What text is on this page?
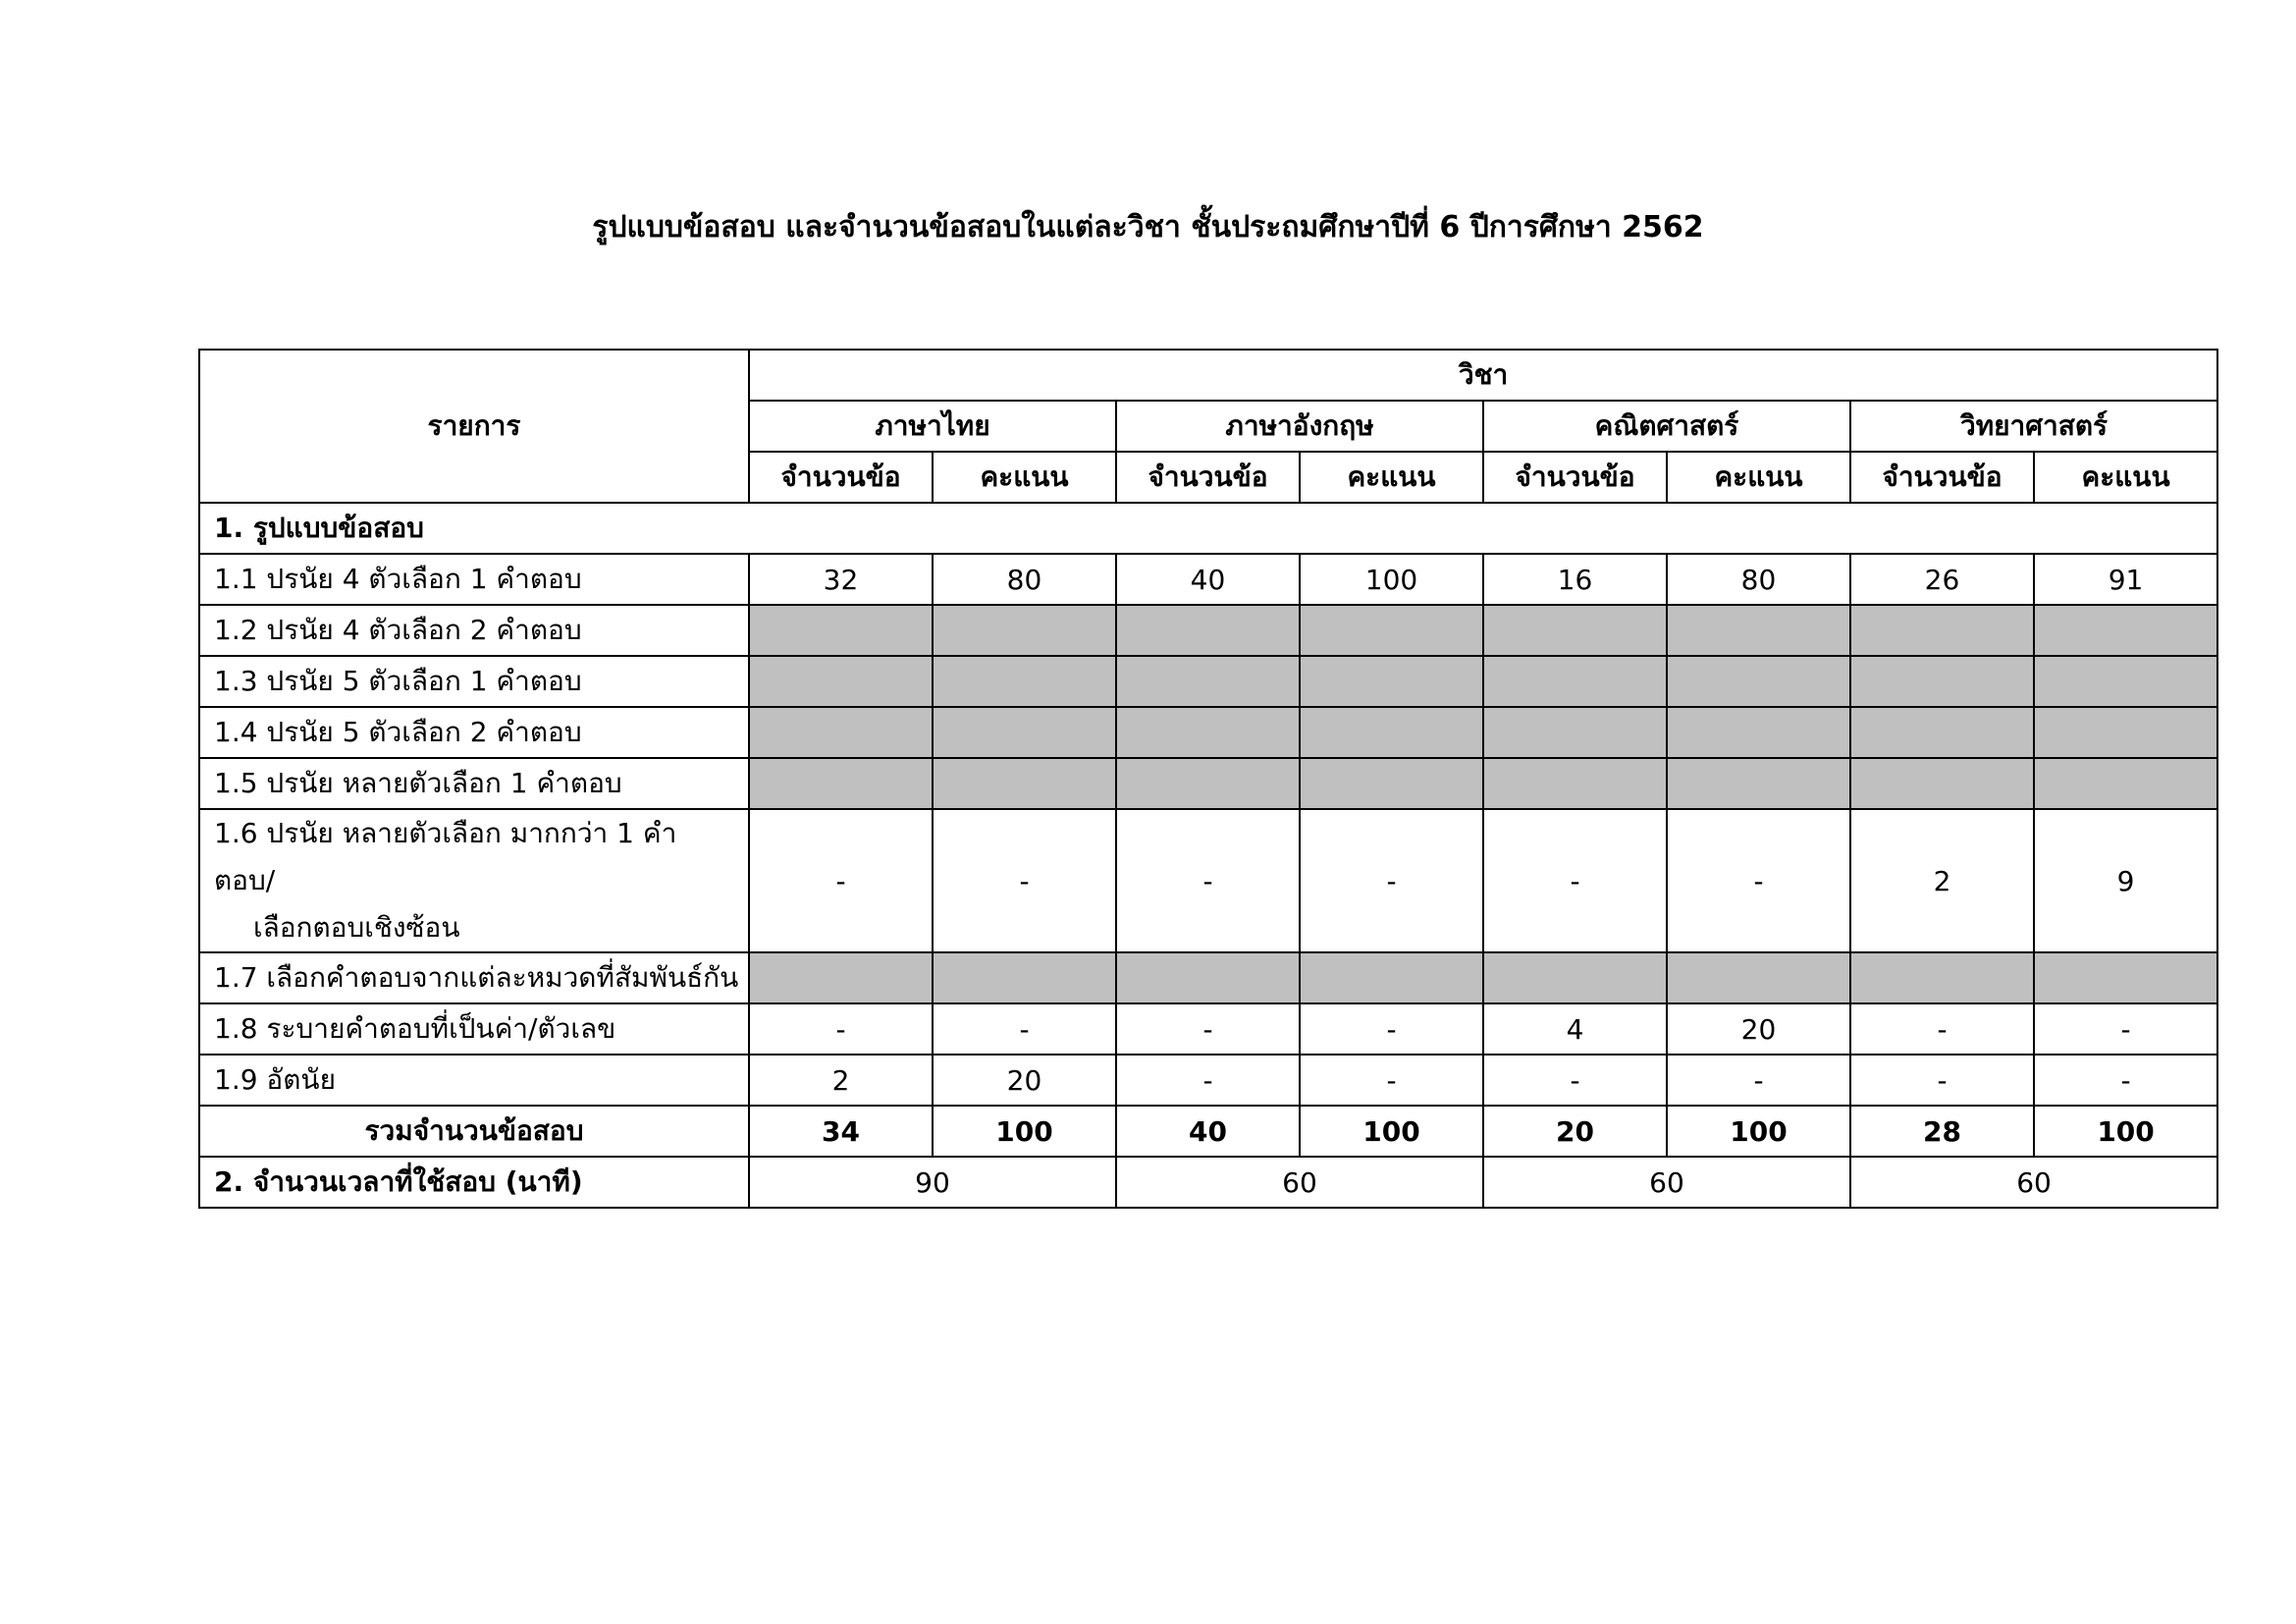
รูปแบบข้อสอบ และจำนวนข้อสอบในแต่ละวิชา ชั้นประถมศึกษาปีที่ 6 ปีการศึกษา 2562
รายการ	วิชา							
	ภาษาไทย		ภาษาอังกฤษ		คณิตศาสตร์		วิทยาศาสตร์	
	จำนวนข้อ	คะแนน	จำนวนข้อ	คะแนน	จำนวนข้อ	คะแนน	จำนวนข้อ	คะแนน
1. รูปแบบข้อสอบ								
1.1 ปรนัย 4 ตัวเลือก 1 คำตอบ	32	80	40	100	16	80	26	91
1.2 ปรนัย 4 ตัวเลือก 2 คำตอบ								
1.3 ปรนัย 5 ตัวเลือก 1 คำตอบ								
1.4 ปรนัย 5 ตัวเลือก 2 คำตอบ								
1.5 ปรนัย หลายตัวเลือก 1 คำตอบ								
1.6 ปรนัย หลายตัวเลือก มากกว่า 1 คำตอบ/
เลือกตอบเชิงซ้อน	-	-	-	-	-	-	2	9
1.7 เลือกคำตอบจากแต่ละหมวดที่สัมพันธ์กัน								
1.8 ระบายคำตอบที่เป็นค่า/ตัวเลข	-	-	-	-	4	20	-	-
1.9 อัตนัย	2	20	-	-	-	-	-	-
รวมจำนวนข้อสอบ	34	100	40	100	20	100	28	100
2. จำนวนเวลาที่ใช้สอบ (นาที)	90		60		60		60	
